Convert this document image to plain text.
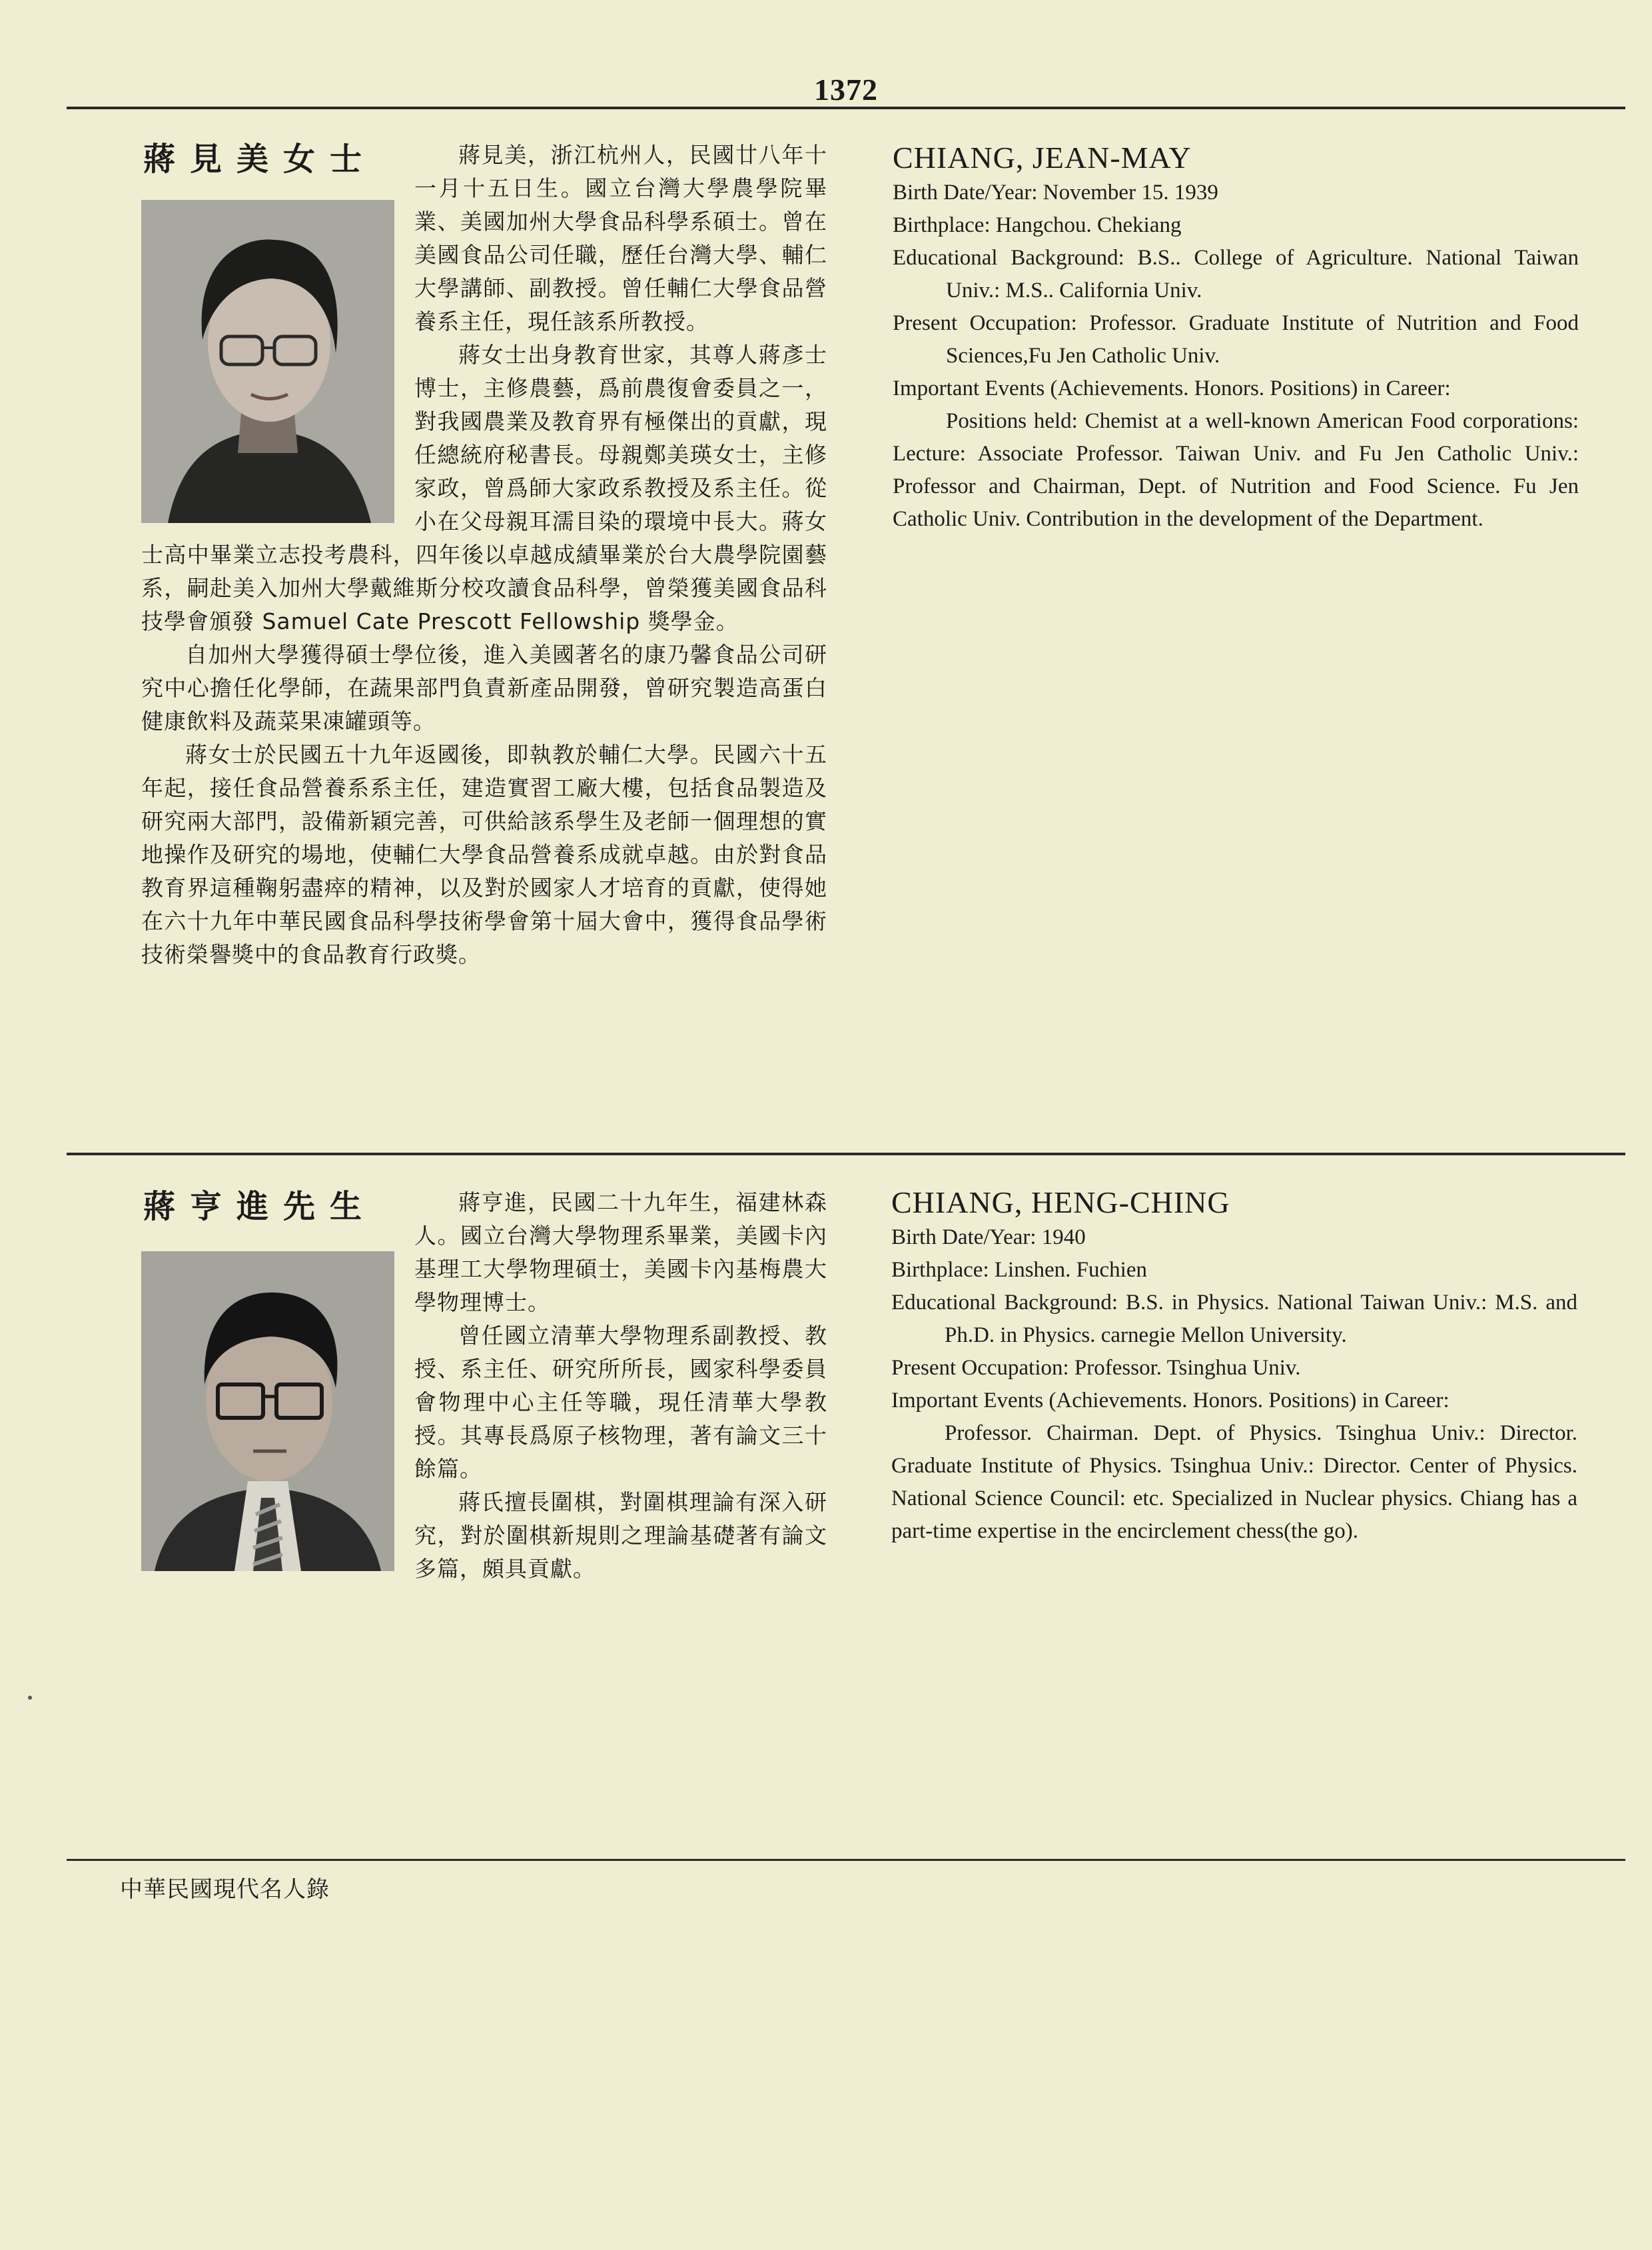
1372

蔣見美，浙江杭州人，民國廿八年十一月十五日生。國立台灣大學農學院畢業、美國加州大學食品科學系碩士。曾在美國食品公司任職，歷任台灣大學、輔仁大學講師、副教授。曾任輔仁大學食品營養系主任，現任該系所教授。

蔣女士出身教育世家，其尊人蔣彥士博士，主修農藝，爲前農復會委員之一，對我國農業及教育界有極傑出的貢獻，現任總統府秘書長。母親鄭美瑛女士，主修家政，曾爲師大家政系教授及系主任。從小在父母親耳濡目染的環境中長大。蔣女士高中畢業立志投考農科，四年後以卓越成績畢業於台大農學院園藝系，嗣赴美入加州大學戴維斯分校攻讀食品科學，曾榮獲美國食品科技學會頒發 Samuel Cate Prescott Fellowship 獎學金。

自加州大學獲得碩士學位後，進入美國著名的康乃馨食品公司研究中心擔任化學師，在蔬果部門負責新產品開發，曾研究製造高蛋白健康飲料及蔬菜果凍罐頭等。

蔣女士於民國五十九年返國後，即執教於輔仁大學。民國六十五年起，接任食品營養系系主任，建造實習工廠大樓，包括食品製造及研究兩大部門，設備新穎完善，可供給該系學生及老師一個理想的實地操作及研究的場地，使輔仁大學食品營養系成就卓越。由於對食品教育界這種鞠躬盡瘁的精神，以及對於國家人才培育的貢獻，使得她在六十九年中華民國食品科學技術學會第十屆大會中，獲得食品學術技術榮譽獎中的食品教育行政獎。

蔣見美女士	CHIANG, JEAN-MAY

Birth Date/Year: November 15. 1939

Birthplace: Hangchou. Chekiang

Educational Background: B.S.. College of Agriculture. National Taiwan Univ.: M.S.. California Univ.

Present Occupation: Professor. Graduate Institute of Nutrition and Food Sciences,Fu Jen Catholic Univ.

Important Events (Achievements. Honors. Positions) in Career:

Positions held: Chemist at a well-known American Food corporations: Lecture: Associate Professor. Taiwan Univ. and Fu Jen Catholic Univ.: Professor and Chairman, Dept. of Nutrition and Food Science. Fu Jen Catholic Univ. Contribution in the development of the Department.

蔣亨進，民國二十九年生，福建林森人。國立台灣大學物理系畢業，美國卡內基理工大學物理碩士，美國卡內基梅農大學物理博士。

曾任國立清華大學物理系副教授、教授、系主任、研究所所長，國家科學委員會物理中心主任等職，現任清華大學教授。其專長爲原子核物理，著有論文三十餘篇。

蔣氏擅長圍棋，對圍棋理論有深入研究，對於圍棋新規則之理論基礎著有論文多篇，頗具貢獻。

蔣亨進先生	CHIANG, HENG-CHING

Birth Date/Year: 1940

Birthplace: Linshen. Fuchien

Educational Background: B.S. in Physics. National Taiwan Univ.: M.S. and Ph.D. in Physics. carnegie Mellon University.

Present Occupation: Professor. Tsinghua Univ.

Important Events (Achievements. Honors. Positions) in Career:

Professor. Chairman. Dept. of Physics. Tsinghua Univ.: Director. Graduate Institute of Physics. Tsinghua Univ.: Director. Center of Physics. National Science Council: etc. Specialized in Nuclear physics. Chiang has a part-time expertise in the encirclement chess(the go).

中華民國現代名人錄
